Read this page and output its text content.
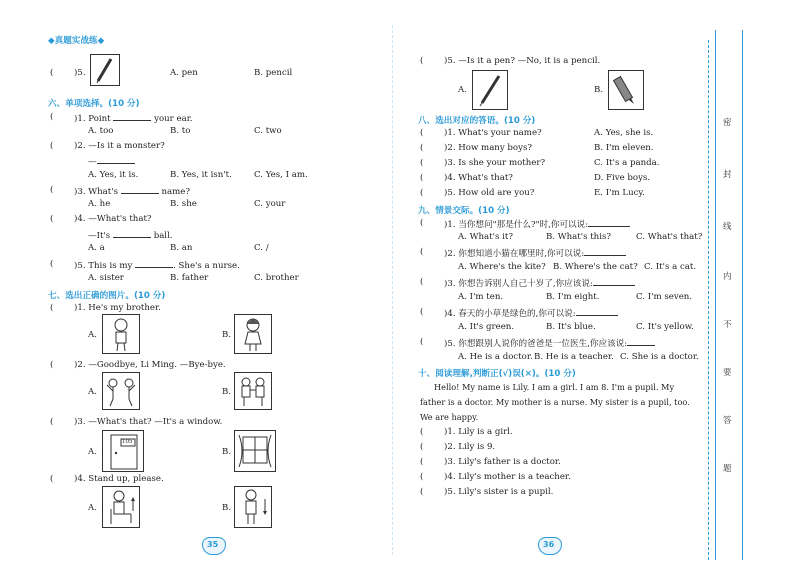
◆真题实战练◆
( )5.	A. pen	B. pencil
六、单项选择。(10 分)
( )1. Point	your ear.
A. too	B. to	C. two
( )2. —Is it a monster?
—
A. Yes, it is.	B. Yes, it isn't.	C. Yes, I am.
( )3. What's	name?
A. he	B. she	C. your
( )4. —What's that?
—It's	ball.
A. a	B. an	C. /
( )5. This is my	. She's a nurse.
A. sister	B. father	C. brother
七、选出正确的图片。(10 分)
( )1. He's my brother.
A.	B.
( )2. —Goodbye, Li Ming. —Bye-bye.
A.	B.
( )3. —What's that? —It's a window.
A.
105
B.
( )4. Stand up, please.
A.	B.
35
( )5. —Is it a pen? —No, it is a pencil.
A.	B.
八、选出对应的答语。(10 分)
( )1. What's your name?	A. Yes, she is.
( )2. How many boys?	B. I'm eleven.
( )3. Is she your mother?	C. It's a panda.
( )4. What's that?	D. Five boys.
( )5. How old are you?	E. I'm Lucy.
九、情景交际。(10 分)
( )1. 当你想问"那是什么?"时,你可以说:
A. What's it?	B. What's this?	C. What's that?
( )2. 你想知道小猫在哪里时,你可以说:
A. Where's the kite? B. Where's the cat? C. It's a cat.
( )3. 你想告诉别人自己十岁了,你应该说:
A. I'm ten.	B. I'm eight.	C. I'm seven.
( )4. 春天的小草是绿色的,你可以说:
A. It's green.	B. It's blue.	C. It's yellow.
( )5. 你想跟别人说你的爸爸是一位医生,你应该说:
A. He is a doctor. B. He is a teacher. C. She is a doctor.
十、阅读理解,判断正(√)误(×)。(10 分)
Hello! My name is Lily. I am a girl. I am 8. I'm a pupil. My
father is a doctor. My mother is a nurse. My sister is a pupil, too.
We are happy.
( )1. Lily is a girl.
( )2. Lily is 9.
( )3. Lily's father is a doctor.
( )4. Lily's mother is a teacher.
( )5. Lily's sister is a pupil.
36
密
封
线
内
不
要
答
题
